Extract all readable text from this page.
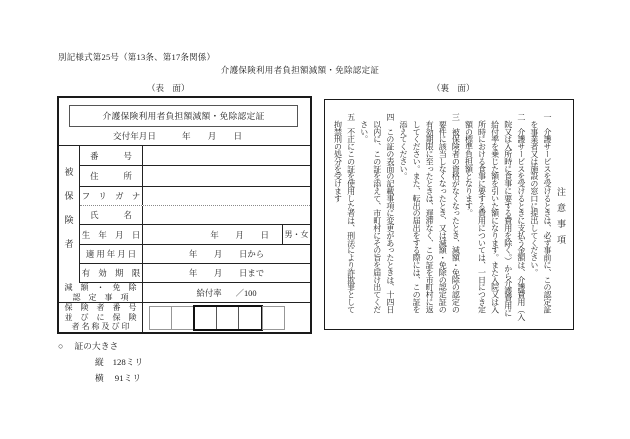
別記様式第25号（第13条、第17条関係）
介護保険利用者負担額減額・免除認定証
（表　面）	（裏　面）
介護保険利用者負担額減額・免除認定証
交付年月日	年　　月　　日
被保険者
番　　　号
住　　　所
フ　リ　ガ　ナ
氏　　　名
生　年　月　日	年　　月　　日	男・女
適 用 年 月 日	年　　月　　日から
有　効　期　限	年　　月　　日まで
減　額　・　免　除
認　定　事　項	給付率 ／100
保　険　者　番　号
並　び　に　保　険
者 名 称 及 び 印
注意事項
一　介護サービスを受けるときは、必ず事前に、この認定証
　を事業者又は施設の窓口に提出してください。
二　介護サービスを受けるときに支払う金額は、介護費用（入
　院又は入所時に食事に要する費用を除く。）から介護費用に
　給付率を乗じた額を引いた額になります。また入院又は入
　所時における食事に要する費用については、一日につき定
　額の標準負担額となります。
三　被保険者の資格がなくなったとき、減額・免除の認定の
　要件に該当しなくなったとき、又は減額・免除の認定証の
　有効期限に至ったときは、遅滞なく、この証を市町村に返
　してください。また、転出の届出をする際には、この証を
　添えてください。
四　この証の表面の記載事項に変更があったときは、十四日
　以内に、この証を添えて、市町村にその旨を届け出てくだ
　さい。
五　不正にこの証を使用した者は、刑法により詐欺罪として
　拘禁刑の処分を受けます
○ 証の大きさ
縦　128ミリ
横　 91ミリ
